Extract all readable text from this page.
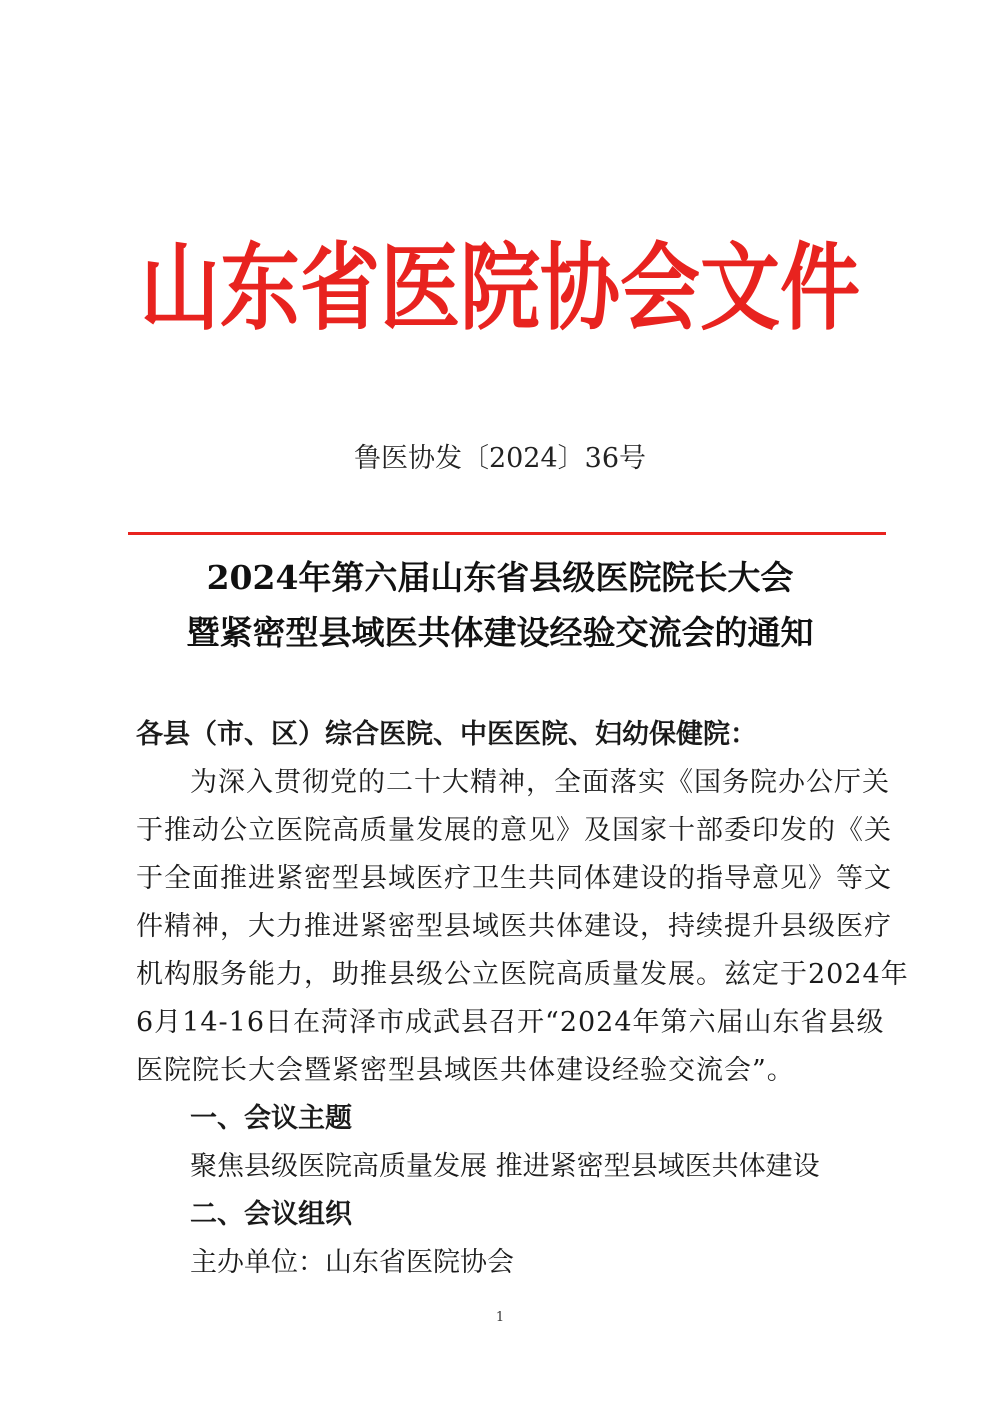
山东省医院协会文件
鲁医协发〔2024〕36号
2024年第六届山东省县级医院院长大会
暨紧密型县域医共体建设经验交流会的通知
各县（市、区）综合医院、中医医院、妇幼保健院：
为深入贯彻党的二十大精神，全面落实《国务院办公厅关
于推动公立医院高质量发展的意见》及国家十部委印发的《关
于全面推进紧密型县域医疗卫生共同体建设的指导意见》等文
件精神，大力推进紧密型县域医共体建设，持续提升县级医疗
机构服务能力，助推县级公立医院高质量发展。兹定于2024年
6月14-16日在菏泽市成武县召开“2024年第六届山东省县级
医院院长大会暨紧密型县域医共体建设经验交流会”。
一、会议主题
聚焦县级医院高质量发展 推进紧密型县域医共体建设
二、会议组织
主办单位：山东省医院协会
1
